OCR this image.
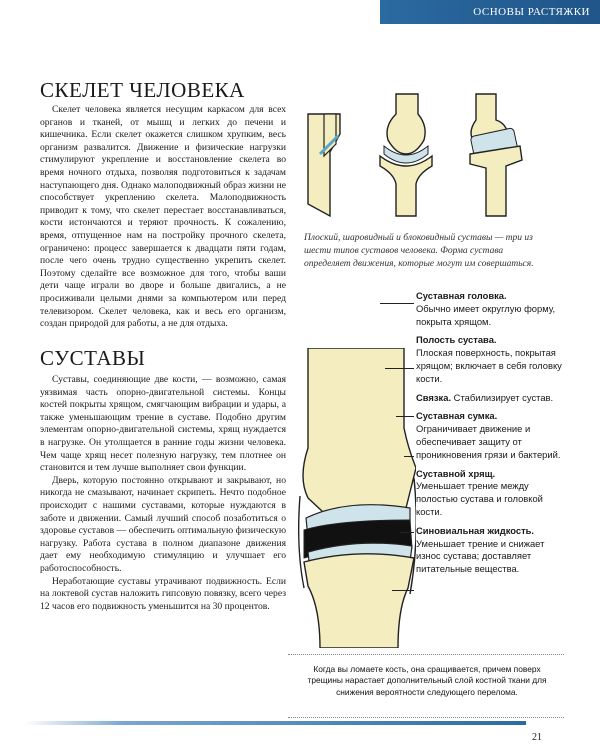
ОСНОВЫ РАСТЯЖКИ
СКЕЛЕТ ЧЕЛОВЕКА

Скелет человека является несущим каркасом для всех органов и тканей, от мышц и легких до печени и кишечника. Если скелет окажется слишком хрупким, весь организм развалится. Движение и физические нагрузки стимулируют укрепление и восстановление скелета во время ночного отдыха, позволяя подготовиться к задачам наступающего дня. Однако малоподвижный образ жизни не способствует укреплению скелета. Малоподвижность приводит к тому, что скелет перестает восстанавливаться, кости истончаются и теряют прочность. К сожалению, время, отпущенное нам на постройку прочного скелета, ограничено: процесс завершается к двадцати пяти годам, после чего очень трудно существенно укрепить скелет. Поэтому сделайте все возможное для того, чтобы ваши дети чаще играли во дворе и больше двигались, а не просиживали целыми днями за компьютером или перед телевизором. Скелет человека, как и весь его организм, создан природой для работы, а не для отдыха.

СУСТАВЫ

Суставы, соединяющие две кости, — возможно, самая уязвимая часть опорно-двигательной системы. Концы костей покрыты хрящом, смягчающим вибрации и удары, а также уменьшающим трение в суставе. Подобно другим элементам опорно-двигательной системы, хрящ нуждается в нагрузке. Он утолщается в ранние годы жизни человека. Чем чаще хрящ несет полезную нагрузку, тем плотнее он становится и тем лучше выполняет свои функции.

Дверь, которую постоянно открывают и закрывают, но никогда не смазывают, начинает скрипеть. Нечто подобное происходит с нашими суставами, которые нуждаются в заботе и движении. Самый лучший способ позаботиться о здоровье суставов — обеспечить оптимальную физическую нагрузку. Работа сустава в полном диапазоне движения дает ему необходимую стимуляцию и улучшает его работоспособность.

Неработающие суставы утрачивают подвижность. Если на локтевой сустав наложить гипсовую повязку, всего через 12 часов его подвижность уменьшится на 30 процентов.

Плоский, шаровидный и блоковидный суставы — три из шести типов суставов человека. Форма сустава определяет движения, которые могут им совершаться.
Суставная головка.
Обычно имеет округлую форму, покрыта хрящом.
Полость сустава.
Плоская поверхность, покрытая хрящом; включает в себя головку кости.
Связка. Стабилизирует сустав.
Суставная сумка.
Ограничивает движение и обеспечивает защиту от проникновения грязи и бактерий.
Суставной хрящ.
Уменьшает трение между полостью сустава и головкой кости.
Синовиальная жидкость. Уменьшает трение и снижает износ сустава; доставляет питательные вещества.
Когда вы ломаете кость, она сращивается, причем поверх трещины нарастает дополнительный слой костной ткани для снижения вероятности следующего перелома.
21
